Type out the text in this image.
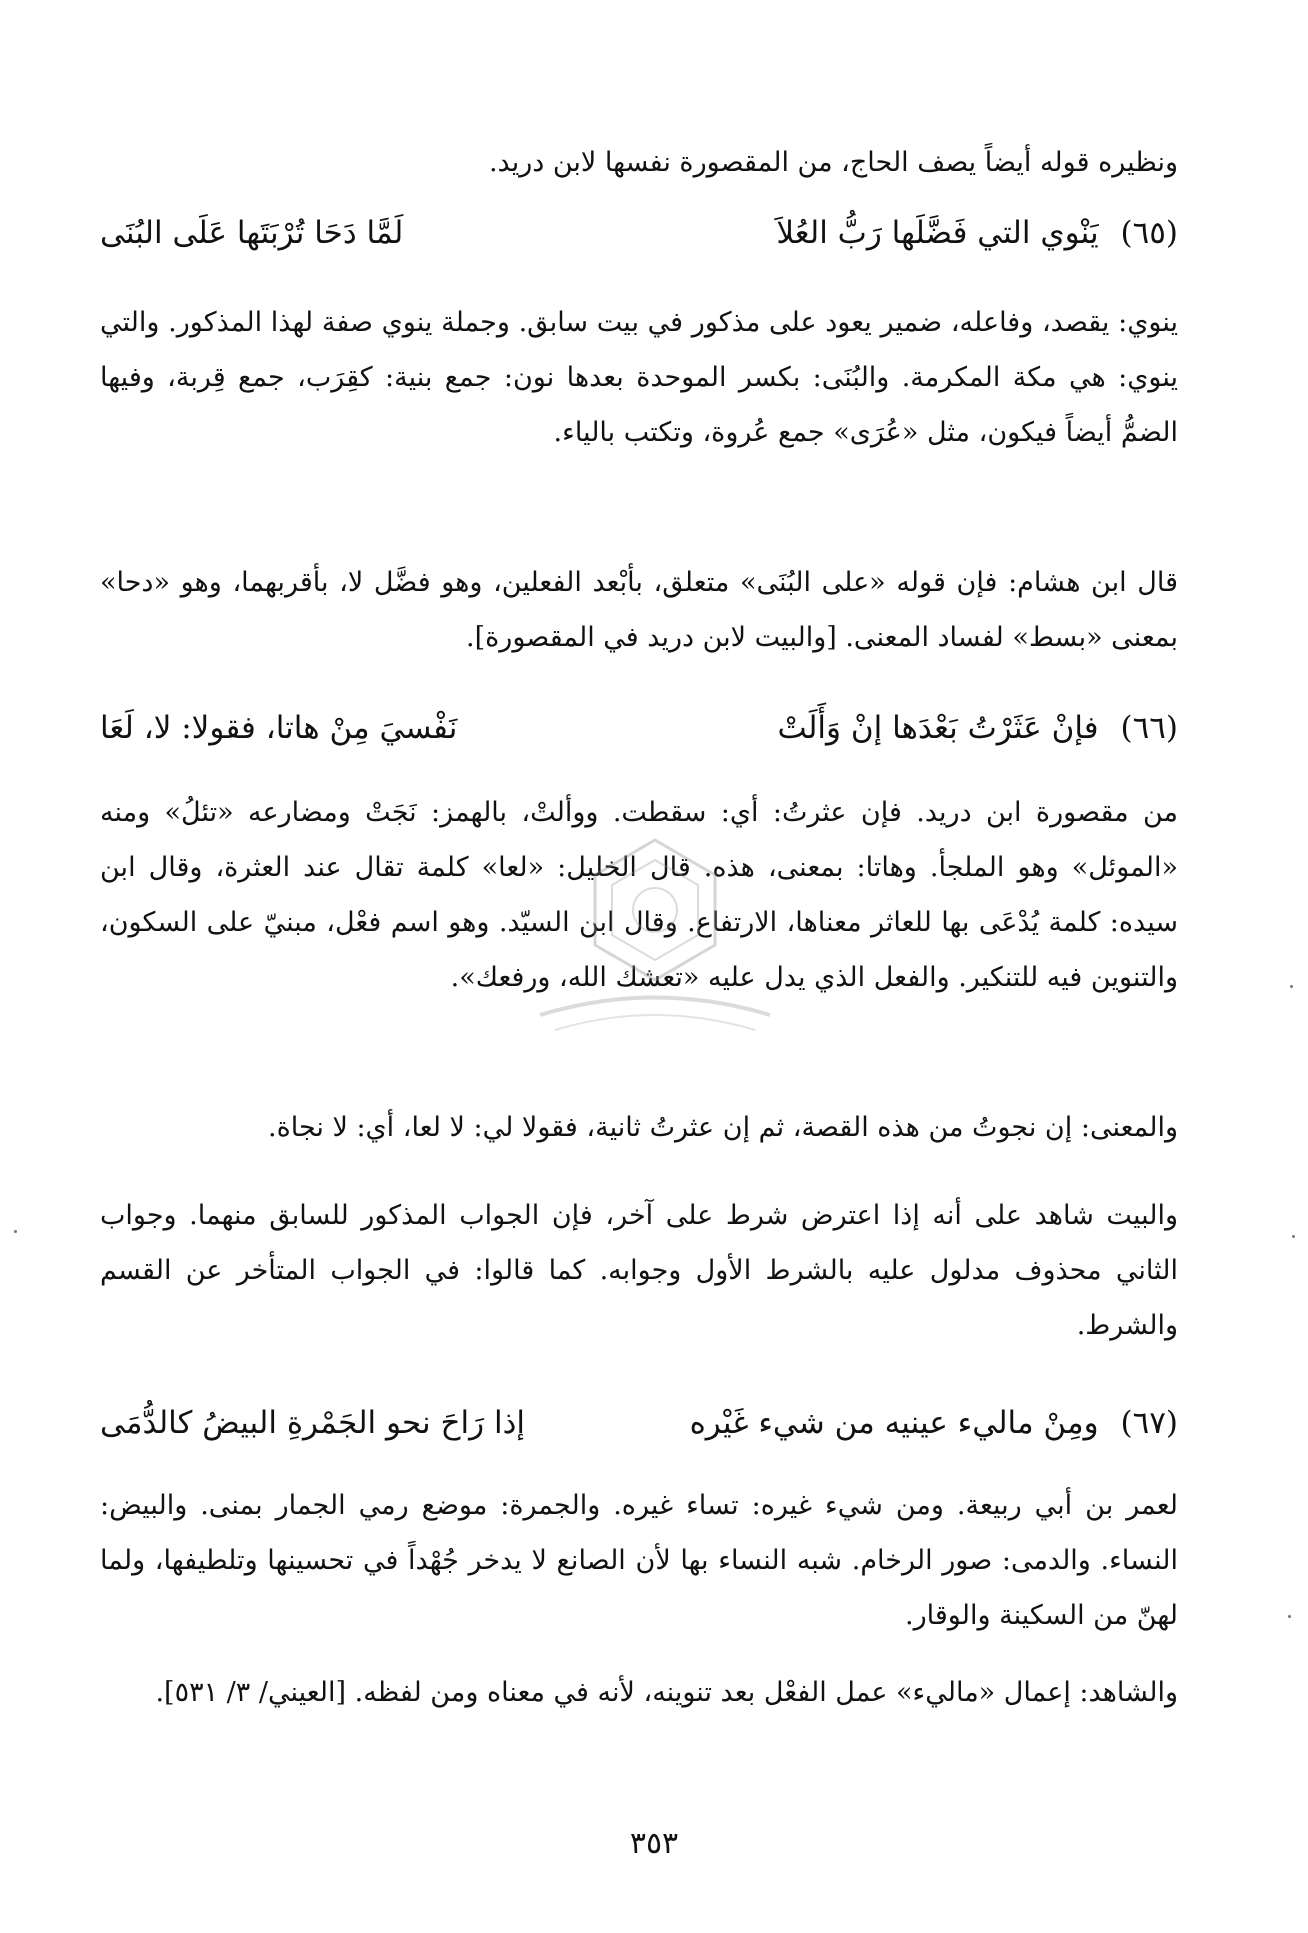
ونظيره قوله أيضاً يصف الحاج، من المقصورة نفسها لابن دريد.
(٦٥) يَنْوي التي فَضَّلَها رَبُّ العُلاَ
لَمَّا دَحَا تُرْبَتَها عَلَى البُنَى
ينوي: يقصد، وفاعله، ضمير يعود على مذكور في بيت سابق. وجملة ينوي صفة لهذا المذكور. والتي ينوي: هي مكة المكرمة. والبُنَى: بكسر الموحدة بعدها نون: جمع بنية: كقِرَب، جمع قِربة، وفيها الضمُّ أيضاً فيكون، مثل «عُرَى» جمع عُروة، وتكتب بالياء.
قال ابن هشام: فإن قوله «على البُنَى» متعلق، بأبْعد الفعلين، وهو فضَّل لا، بأقربهما، وهو «دحا» بمعنى «بسط» لفساد المعنى. [والبيت لابن دريد في المقصورة].
(٦٦) فإنْ عَثَرْتُ بَعْدَها إنْ وَأَلَتْ
نَفْسيَ مِنْ هاتا، فقولا: لا، لَعَا
من مقصورة ابن دريد. فإن عثرتُ: أي: سقطت. ووألتْ، بالهمز: نَجَتْ ومضارعه «تئلُ» ومنه «الموئل» وهو الملجأ. وهاتا: بمعنى، هذه. قال الخليل: «لعا» كلمة تقال عند العثرة، وقال ابن سيده: كلمة يُدْعَى بها للعاثر معناها، الارتفاع. وقال ابن السيّد. وهو اسم فعْل، مبنيّ على السكون، والتنوين فيه للتنكير. والفعل الذي يدل عليه «تعشك الله، ورفعك».
والمعنى: إن نجوتُ من هذه القصة، ثم إن عثرتُ ثانية، فقولا لي: لا لعا، أي: لا نجاة.
والبيت شاهد على أنه إذا اعترض شرط على آخر، فإن الجواب المذكور للسابق منهما. وجواب الثاني محذوف مدلول عليه بالشرط الأول وجوابه. كما قالوا: في الجواب المتأخر عن القسم والشرط.
(٦٧) ومِنْ ماليء عينيه من شيء غَيْره
إذا رَاحَ نحو الجَمْرةِ البيضُ كالدُّمَى
لعمر بن أبي ربيعة. ومن شيء غيره: تساء غيره. والجمرة: موضع رمي الجمار بمنى. والبيض: النساء. والدمى: صور الرخام. شبه النساء بها لأن الصانع لا يدخر جُهْداً في تحسينها وتلطيفها، ولما لهنّ من السكينة والوقار.
والشاهد: إعمال «ماليء» عمل الفعْل بعد تنوينه، لأنه في معناه ومن لفظه. [العيني/ ٣/ ٥٣١].
٣٥٣
